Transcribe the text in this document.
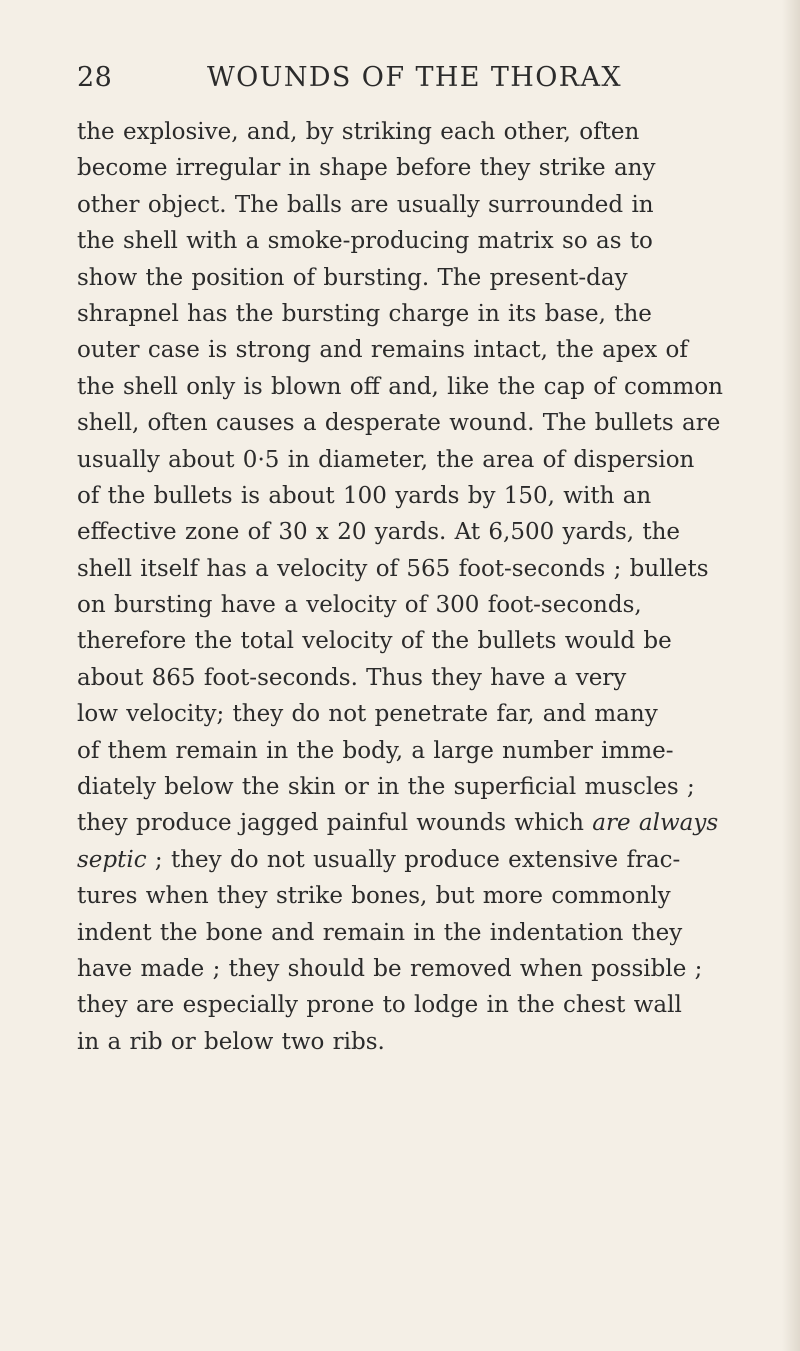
28	WOUNDS OF THE THORAX
the explosive, and, by striking each other, often
become irregular in shape before they strike any
other object. The balls are usually surrounded in
the shell with a smoke-producing matrix so as to
show the position of bursting. The present-day
shrapnel has the bursting charge in its base, the
outer case is strong and remains intact, the apex of
the shell only is blown off and, like the cap of common
shell, often causes a desperate wound. The bullets are
usually about 0·5 in diameter, the area of dispersion
of the bullets is about 100 yards by 150, with an
effective zone of 30 x 20 yards. At 6,500 yards, the
shell itself has a velocity of 565 foot-seconds ; bullets
on bursting have a velocity of 300 foot-seconds,
therefore the total velocity of the bullets would be
about 865 foot-seconds. Thus they have a very
low velocity; they do not penetrate far, and many
of them remain in the body, a large number imme-
diately below the skin or in the superficial muscles ;
they produce jagged painful wounds which are always
septic ; they do not usually produce extensive frac-
tures when they strike bones, but more commonly
indent the bone and remain in the indentation they
have made ; they should be removed when possible ;
they are especially prone to lodge in the chest wall
in a rib or below two ribs.
